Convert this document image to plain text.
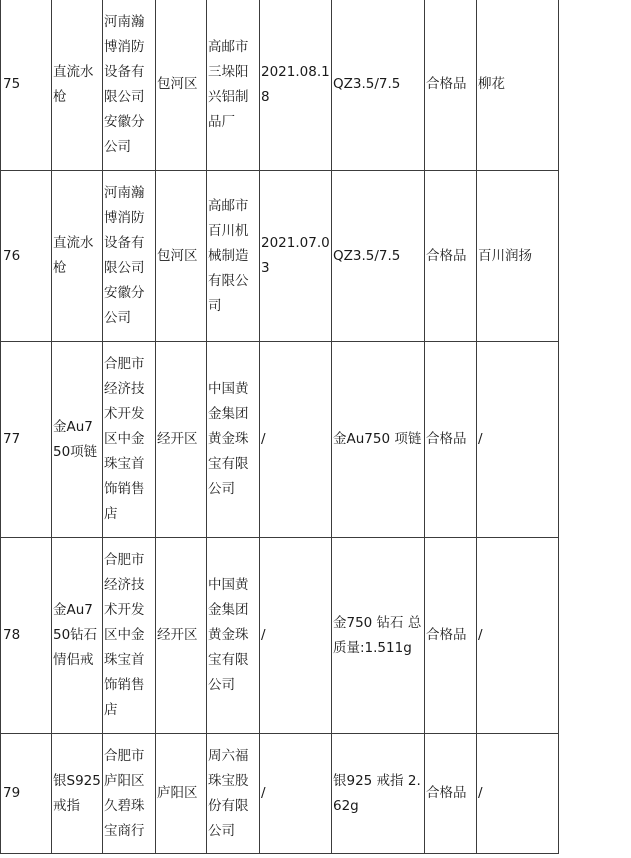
75	直流水枪	河南瀚博消防设备有限公司安徽分公司	包河区	高邮市三垛阳兴铝制品厂	2021.08.18	QZ3.5/7.5	合格品	柳花
76	直流水枪	河南瀚博消防设备有限公司安徽分公司	包河区	高邮市百川机械制造有限公司	2021.07.03	QZ3.5/7.5	合格品	百川润扬
77	金Au750项链	合肥市经济技术开发区中金珠宝首饰销售店	经开区	中国黄金集团黄金珠宝有限公司	/	金Au750 项链	合格品	/
78	金Au750钻石情侣戒	合肥市经济技术开发区中金珠宝首饰销售店	经开区	中国黄金集团黄金珠宝有限公司	/	金750 钻石 总质量:1.511g	合格品	/
79	银S925戒指	合肥市庐阳区久碧珠宝商行	庐阳区	周六福珠宝股份有限公司	/	银925 戒指 2.62g	合格品	/
